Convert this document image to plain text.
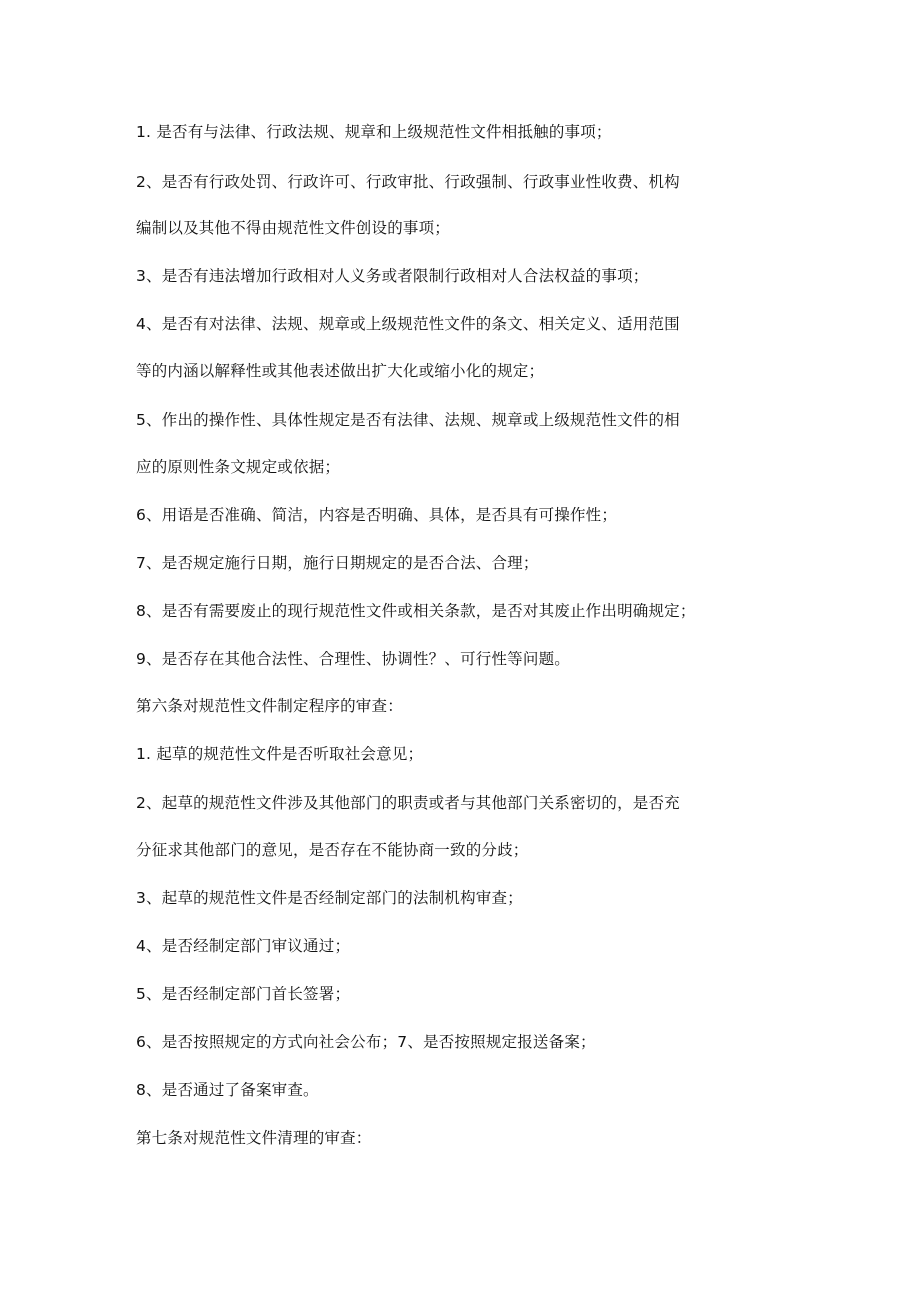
1. 是否有与法律、行政法规、规章和上级规范性文件相抵触的事项；
2、是否有行政处罚、行政许可、行政审批、行政强制、行政事业性收费、机构
编制以及其他不得由规范性文件创设的事项；
3、是否有违法增加行政相对人义务或者限制行政相对人合法权益的事项；
4、是否有对法律、法规、规章或上级规范性文件的条文、相关定义、适用范围
等的内涵以解释性或其他表述做出扩大化或缩小化的规定；
5、作出的操作性、具体性规定是否有法律、法规、规章或上级规范性文件的相
应的原则性条文规定或依据；
6、用语是否准确、简洁，内容是否明确、具体，是否具有可操作性；
7、是否规定施行日期，施行日期规定的是否合法、合理；
8、是否有需要废止的现行规范性文件或相关条款，是否对其废止作出明确规定；
9、是否存在其他合法性、合理性、协调性？、可行性等问题。
第六条对规范性文件制定程序的审查：
1. 起草的规范性文件是否听取社会意见；
2、起草的规范性文件涉及其他部门的职责或者与其他部门关系密切的，是否充
分征求其他部门的意见，是否存在不能协商一致的分歧；
3、起草的规范性文件是否经制定部门的法制机构审查；
4、是否经制定部门审议通过；
5、是否经制定部门首长签署；
6、是否按照规定的方式向社会公布；7、是否按照规定报送备案；
8、是否通过了备案审查。
第七条对规范性文件清理的审查：
